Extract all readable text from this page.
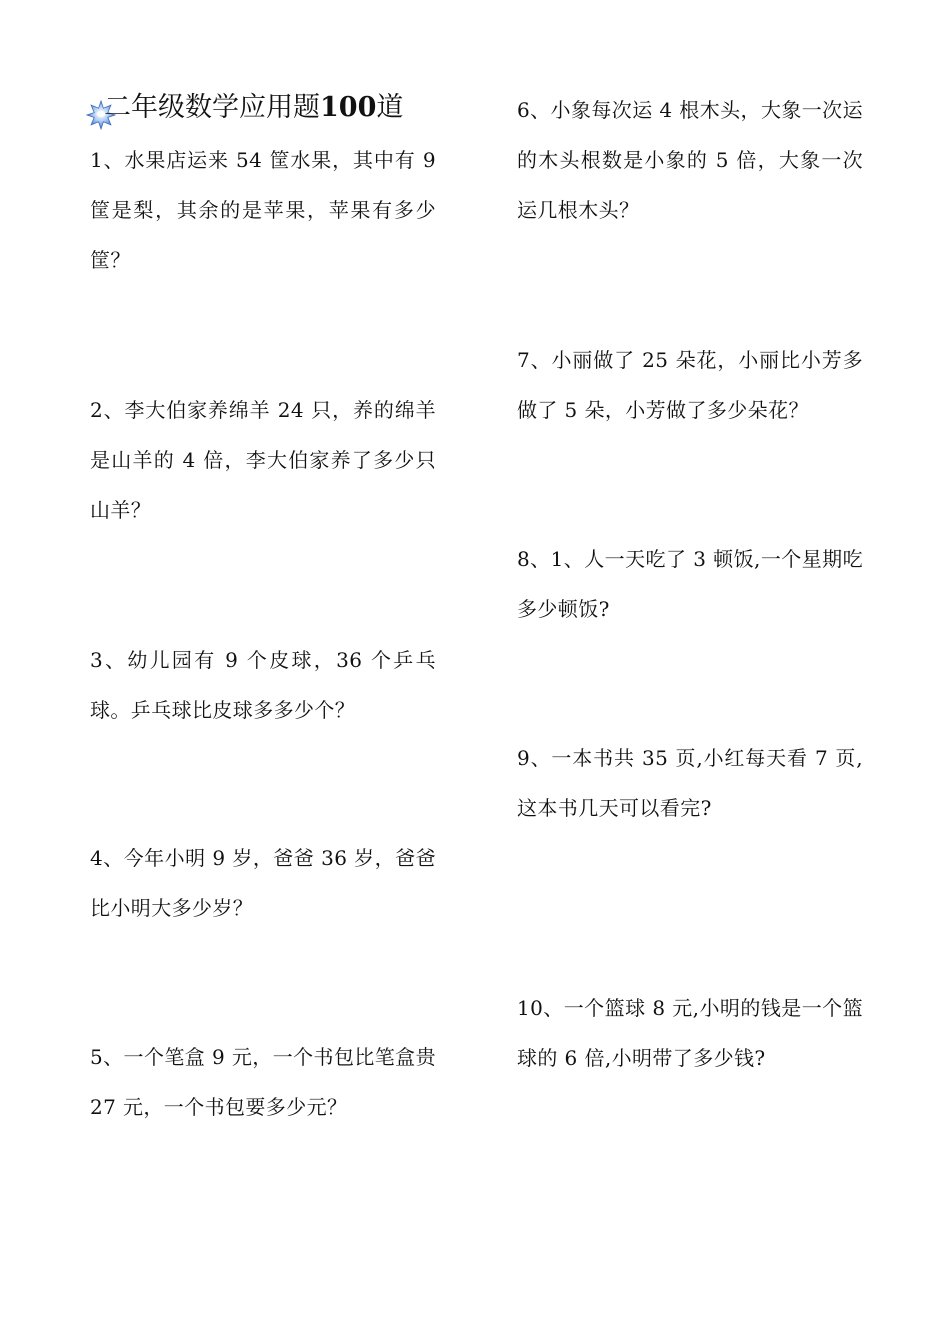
二年级数学应用题100道
1、水果店运来 54 筐水果，其中有 9 筐是梨，其余的是苹果，苹果有多少筐？
2、李大伯家养绵羊 24 只，养的绵羊是山羊的 4 倍，李大伯家养了多少只山羊？
3、幼儿园有 9 个皮球，36 个乒乓球。乒乓球比皮球多多少个？
4、今年小明 9 岁，爸爸 36 岁，爸爸比小明大多少岁？
5、一个笔盒 9 元，一个书包比笔盒贵 27 元，一个书包要多少元？
6、小象每次运 4 根木头，大象一次运的木头根数是小象的 5 倍，大象一次运几根木头？
7、小丽做了 25 朵花，小丽比小芳多做了 5 朵，小芳做了多少朵花？
8、1、人一天吃了 3 顿饭,一个星期吃多少顿饭?
9、一本书共 35 页,小红每天看 7 页,这本书几天可以看完?
10、一个篮球 8 元,小明的钱是一个篮球的 6 倍,小明带了多少钱?
